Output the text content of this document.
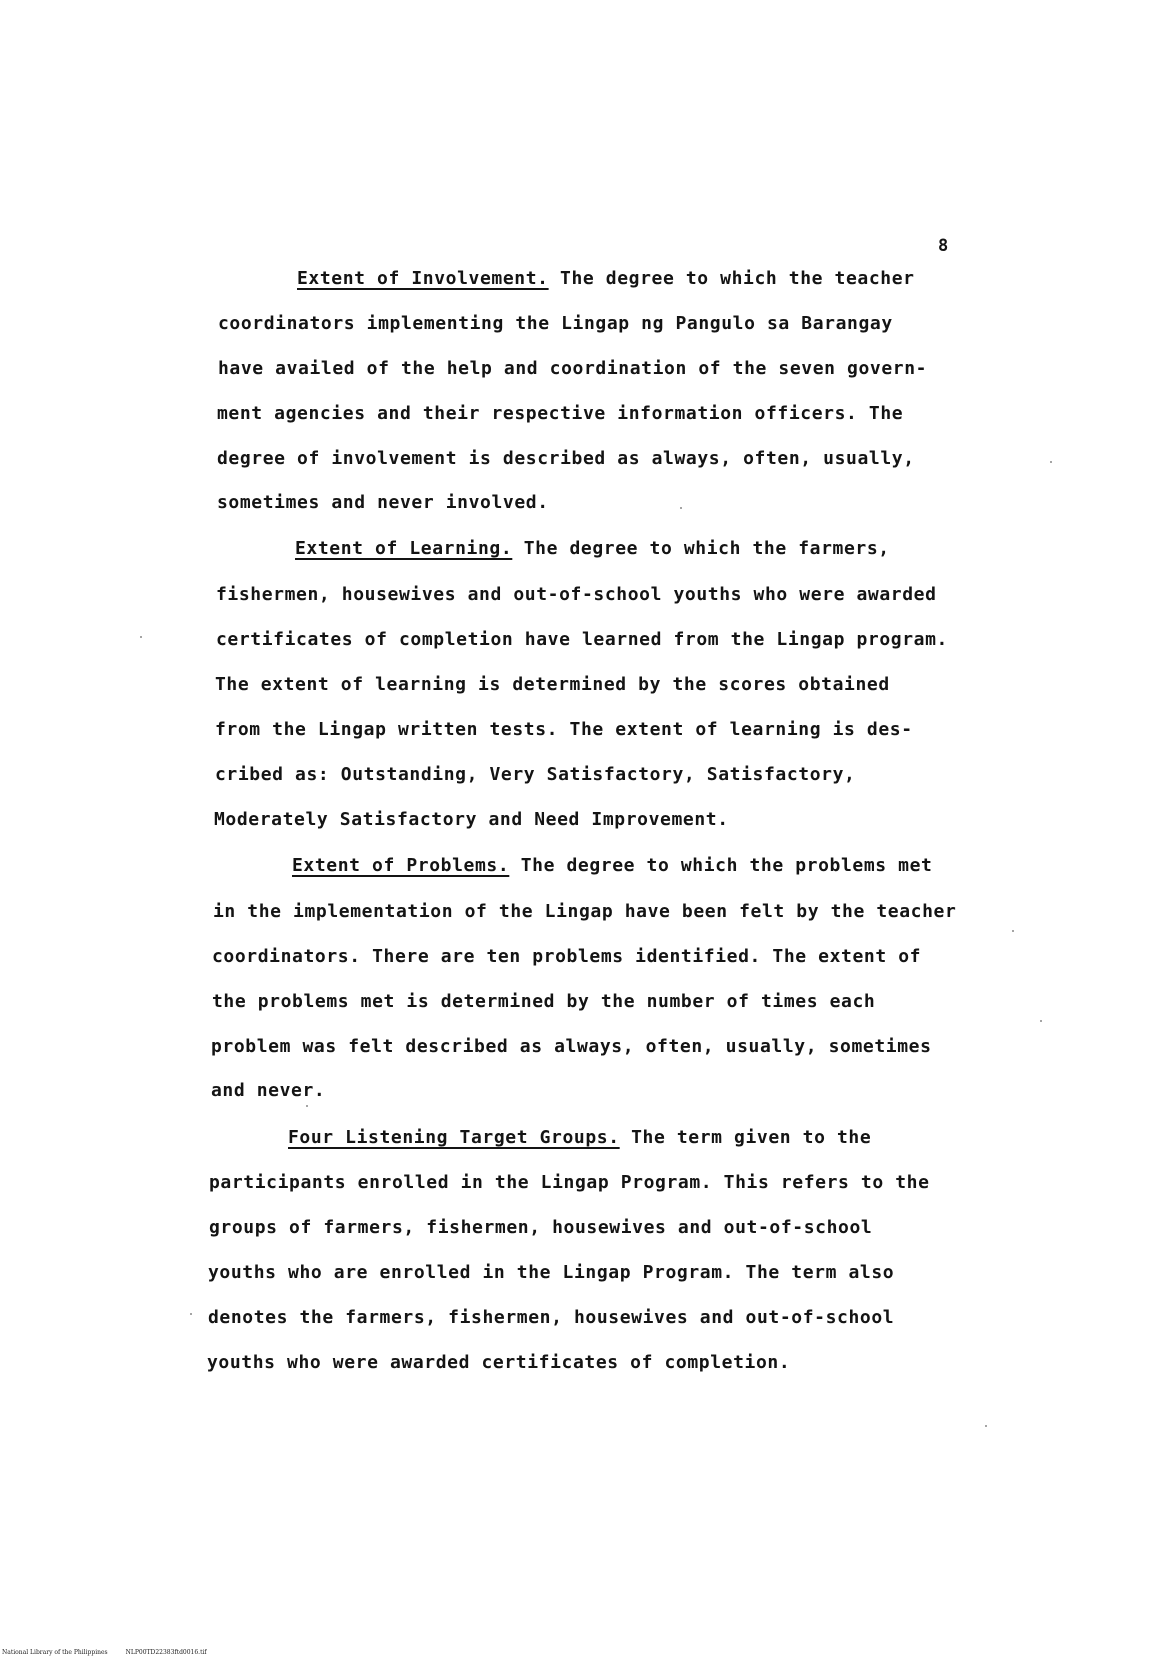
8
Extent of Involvement. The degree to which the teacher
coordinators implementing the Lingap ng Pangulo sa Barangay
have availed of the help and coordination of the seven govern-
ment agencies and their respective information officers. The
degree of involvement is described as always, often, usually,
sometimes and never involved.
Extent of Learning. The degree to which the farmers,
fishermen, housewives and out-of-school youths who were awarded
certificates of completion have learned from the Lingap program.
The extent of learning is determined by the scores obtained
from the Lingap written tests. The extent of learning is des-
cribed as: Outstanding, Very Satisfactory, Satisfactory,
Moderately Satisfactory and Need Improvement.
Extent of Problems. The degree to which the problems met
in the implementation of the Lingap have been felt by the teacher
coordinators. There are ten problems identified. The extent of
the problems met is determined by the number of times each
problem was felt described as always, often, usually, sometimes
and never.
Four Listening Target Groups. The term given to the
participants enrolled in the Lingap Program. This refers to the
groups of farmers, fishermen, housewives and out-of-school
youths who are enrolled in the Lingap Program. The term also
denotes the farmers, fishermen, housewives and out-of-school
youths who were awarded certificates of completion.
National Library of the Philippines	NLP00TD22383ftd0016.tif
